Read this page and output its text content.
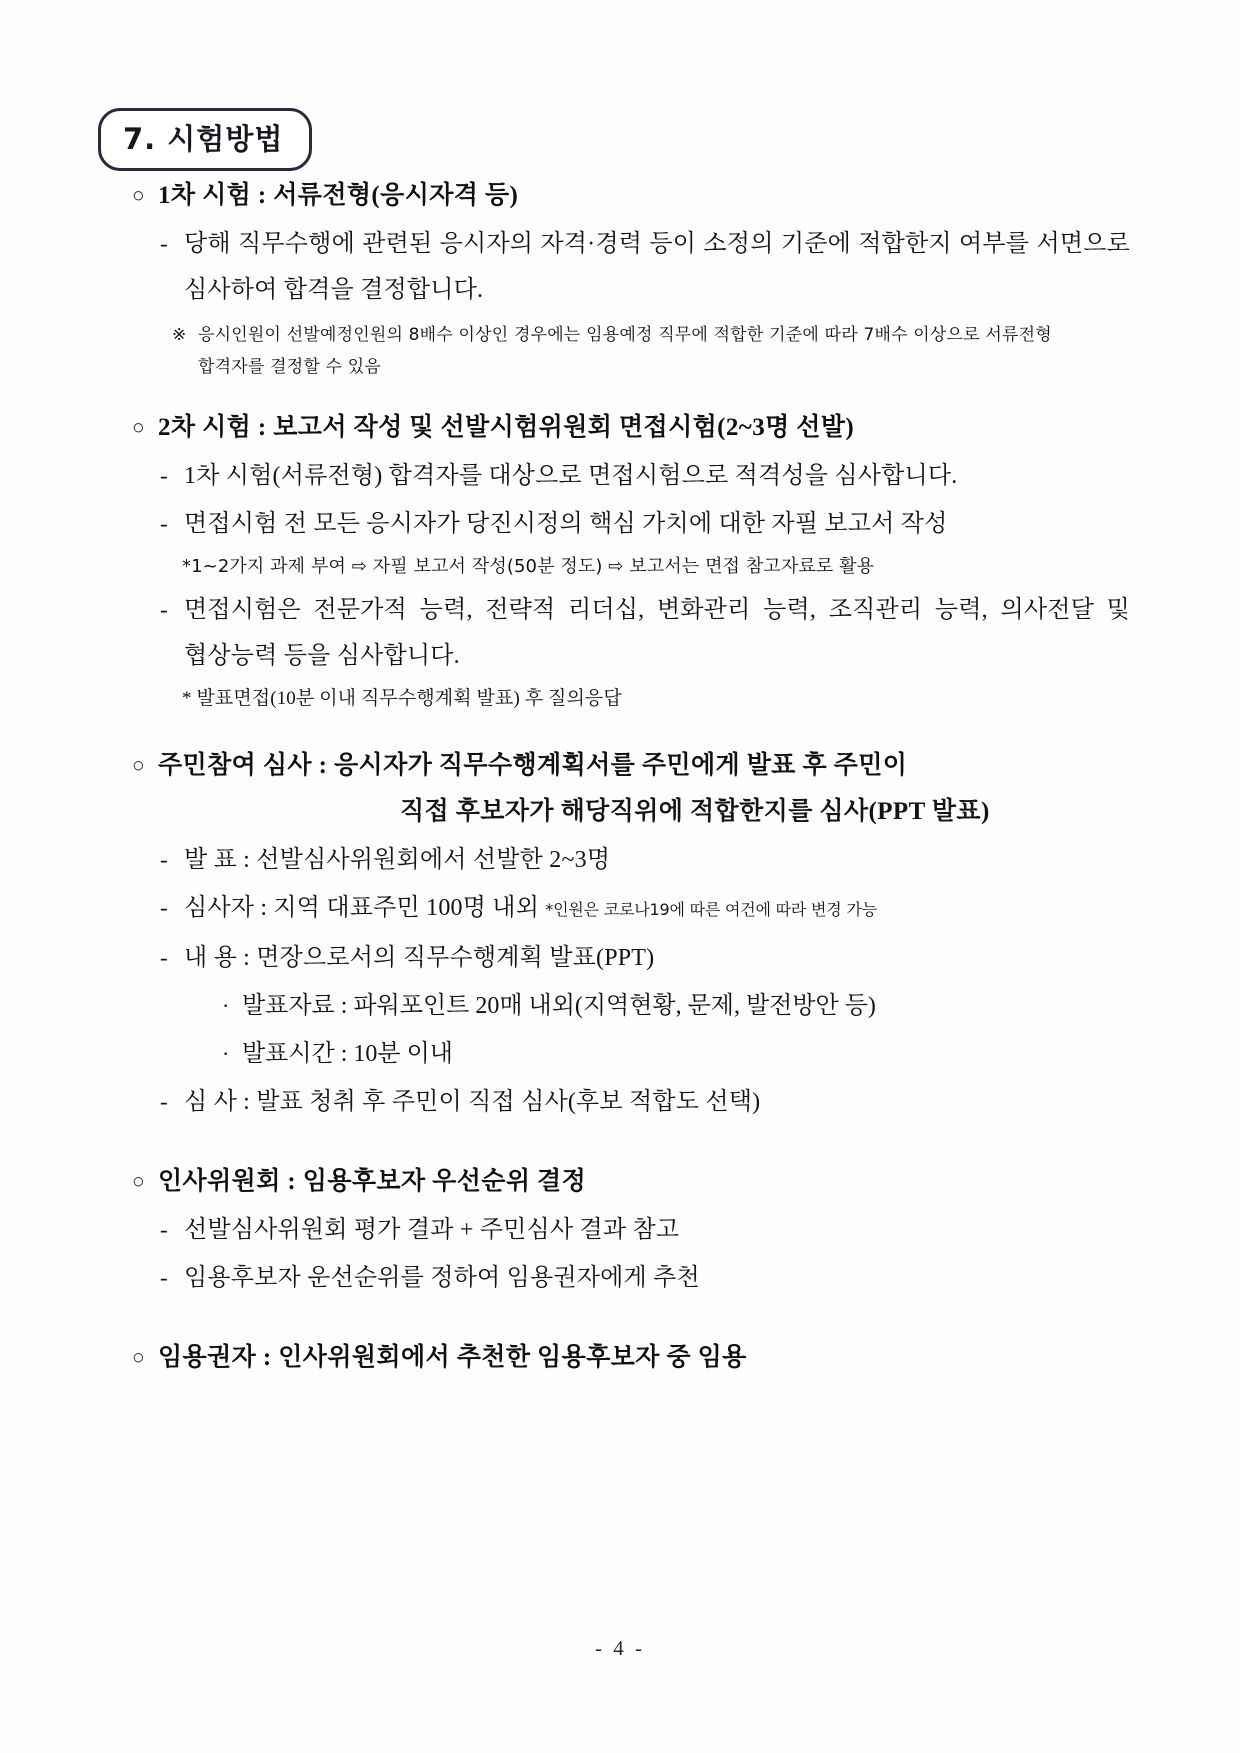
7. 시험방법
○ 1차 시험 : 서류전형(응시자격 등)
- 당해 직무수행에 관련된 응시자의 자격·경력 등이 소정의 기준에 적합한지 여부를 서면으로 심사하여 합격을 결정합니다.
※ 응시인원이 선발예정인원의 8배수 이상인 경우에는 임용예정 직무에 적합한 기준에 따라 7배수 이상으로 서류전형 합격자를 결정할 수 있음
○ 2차 시험 : 보고서 작성 및 선발시험위원회 면접시험(2~3명 선발)
- 1차 시험(서류전형) 합격자를 대상으로 면접시험으로 적격성을 심사합니다.
- 면접시험 전 모든 응시자가 당진시정의 핵심 가치에 대한 자필 보고서 작성
*1~2가지 과제 부여 ⇨ 자필 보고서 작성(50분 정도) ⇨ 보고서는 면접 참고자료로 활용
- 면접시험은 전문가적 능력, 전략적 리더십, 변화관리 능력, 조직관리 능력, 의사전달 및 협상능력 등을 심사합니다.
* 발표면접(10분 이내 직무수행계획 발표) 후 질의응답
○ 주민참여 심사 : 응시자가 직무수행계획서를 주민에게 발표 후 주민이
직접 후보자가 해당직위에 적합한지를 심사(PPT 발표)
- 발 표 : 선발심사위원회에서 선발한 2~3명
- 심사자 : 지역 대표주민 100명 내외 *인원은 코로나19에 따른 여건에 따라 변경 가능
- 내 용 : 면장으로서의 직무수행계획 발표(PPT)
· 발표자료 : 파워포인트 20매 내외(지역현황, 문제, 발전방안 등)
· 발표시간 : 10분 이내
- 심 사 : 발표 청취 후 주민이 직접 심사(후보 적합도 선택)
○ 인사위원회 : 임용후보자 우선순위 결정
- 선발심사위원회 평가 결과 + 주민심사 결과 참고
- 임용후보자 운선순위를 정하여 임용권자에게 추천
○ 임용권자 : 인사위원회에서 추천한 임용후보자 중 임용
- 4 -
